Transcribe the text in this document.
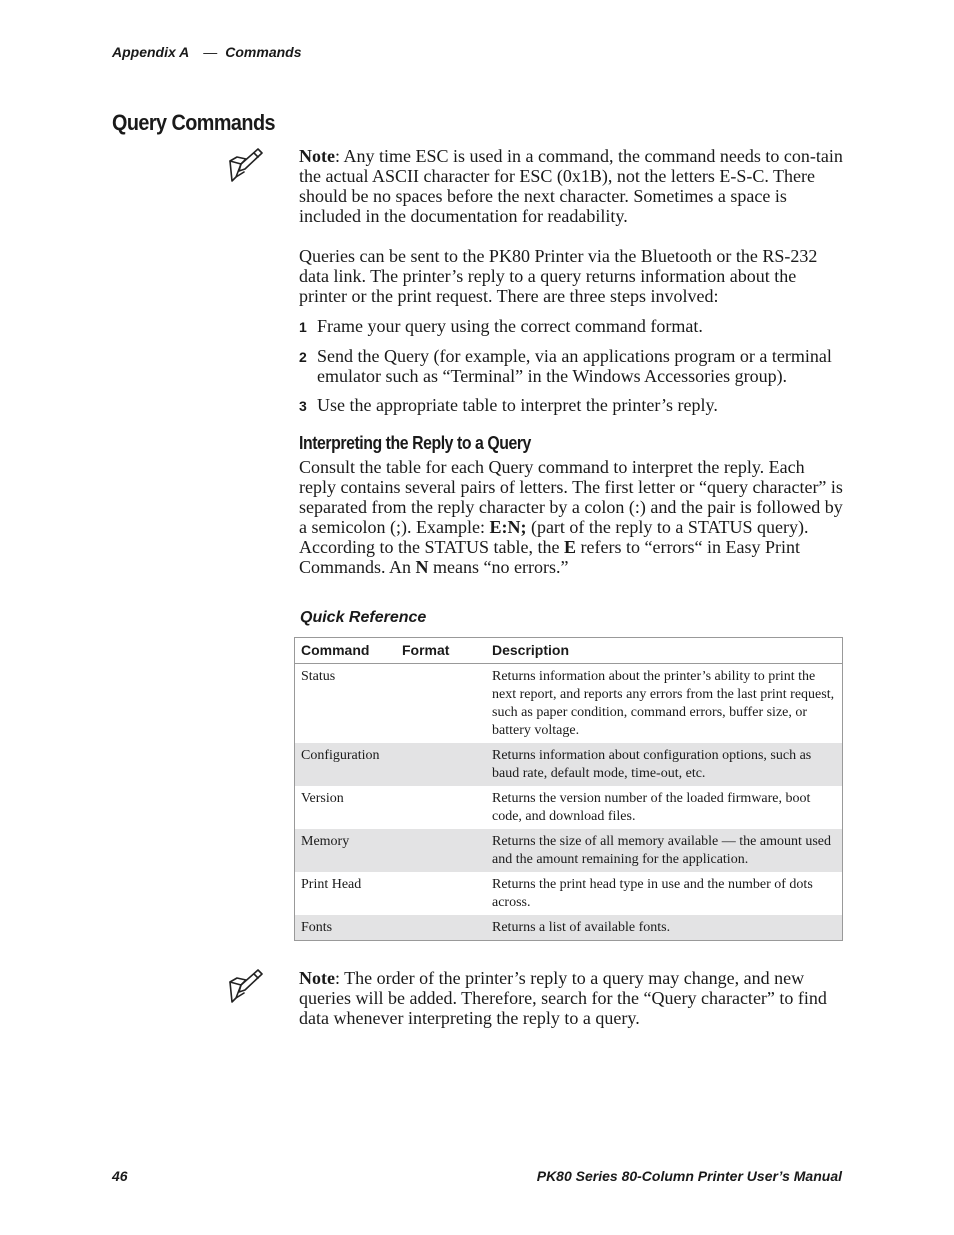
Appendix A — Commands
Query Commands

Note: Any time ESC is used in a command, the command needs to con-tain the actual ASCII character for ESC (0x1B), not the letters E-S-C. There should be no spaces before the next character. Sometimes a space is included in the documentation for readability.

Queries can be sent to the PK80 Printer via the Bluetooth or the RS-232 data link. The printer’s reply to a query returns information about the printer or the print request. There are three steps involved:

1 Frame your query using the correct command format.
2 Send the Query (for example, via an applications program or a terminal emulator such as “Terminal” in the Windows Accessories group).
3 Use the appropriate table to interpret the printer’s reply.
Interpreting the Reply to a Query

Consult the table for each Query command to interpret the reply. Each reply contains several pairs of letters. The first letter or “query character” is separated from the reply character by a colon (:) and the pair is followed by a semicolon (;). Example: E:N; (part of the reply to a STATUS query). According to the STATUS table, the E refers to “errors“ in Easy Print Commands. An N means “no errors.”

Quick Reference
Command	Format	Description
Status		Returns information about the printer’s ability to print the next report, and reports any errors from the last print request, such as paper condition, command errors, buffer size, or battery voltage.
Configuration		Returns information about configuration options, such as baud rate, default mode, time-out, etc.
Version		Returns the version number of the loaded firmware, boot code, and download files.
Memory		Returns the size of all memory available — the amount used and the amount remaining for the application.
Print Head		Returns the print head type in use and the number of dots across.
Fonts		Returns a list of available fonts.

Note: The order of the printer’s reply to a query may change, and new queries will be added. Therefore, search for the “Query character” to find data whenever interpreting the reply to a query.

46	PK80 Series 80-Column Printer User’s Manual
